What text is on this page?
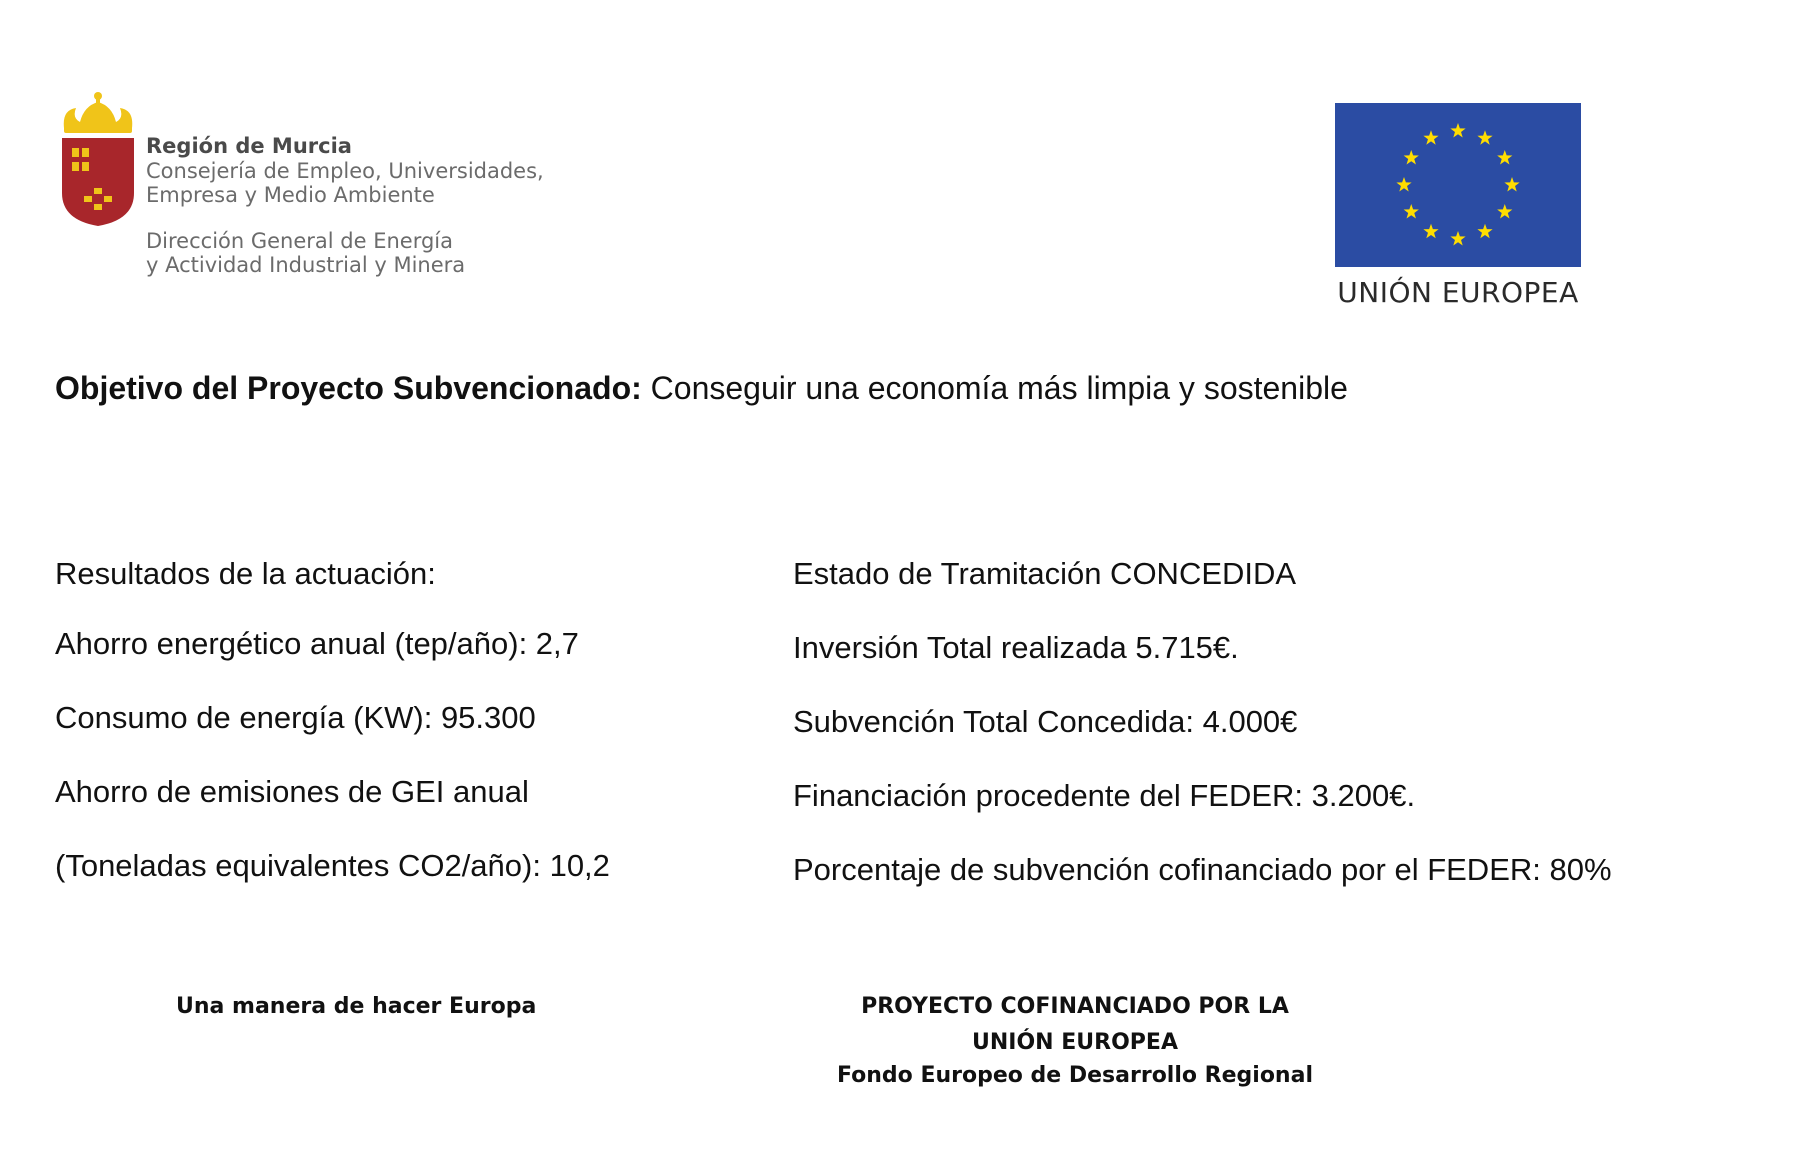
Región de Murcia
Consejería de Empleo, Universidades,
Empresa y Medio Ambiente
Dirección General de Energía
y Actividad Industrial y Minera
UNIÓN EUROPEA
Objetivo del Proyecto Subvencionado: Conseguir una economía más limpia y sostenible
Resultados de la actuación:
Ahorro energético anual (tep/año): 2,7
Consumo de energía (KW): 95.300
Ahorro de emisiones de GEI anual
(Toneladas equivalentes CO2/año): 10,2
Estado de Tramitación CONCEDIDA
Inversión Total realizada 5.715€.
Subvención Total Concedida: 4.000€
Financiación procedente del FEDER: 3.200€.
Porcentaje de subvención cofinanciado por el FEDER: 80%
Una manera de hacer Europa	PROYECTO COFINANCIADO POR LA
UNIÓN EUROPEA
Fondo Europeo de Desarrollo Regional
